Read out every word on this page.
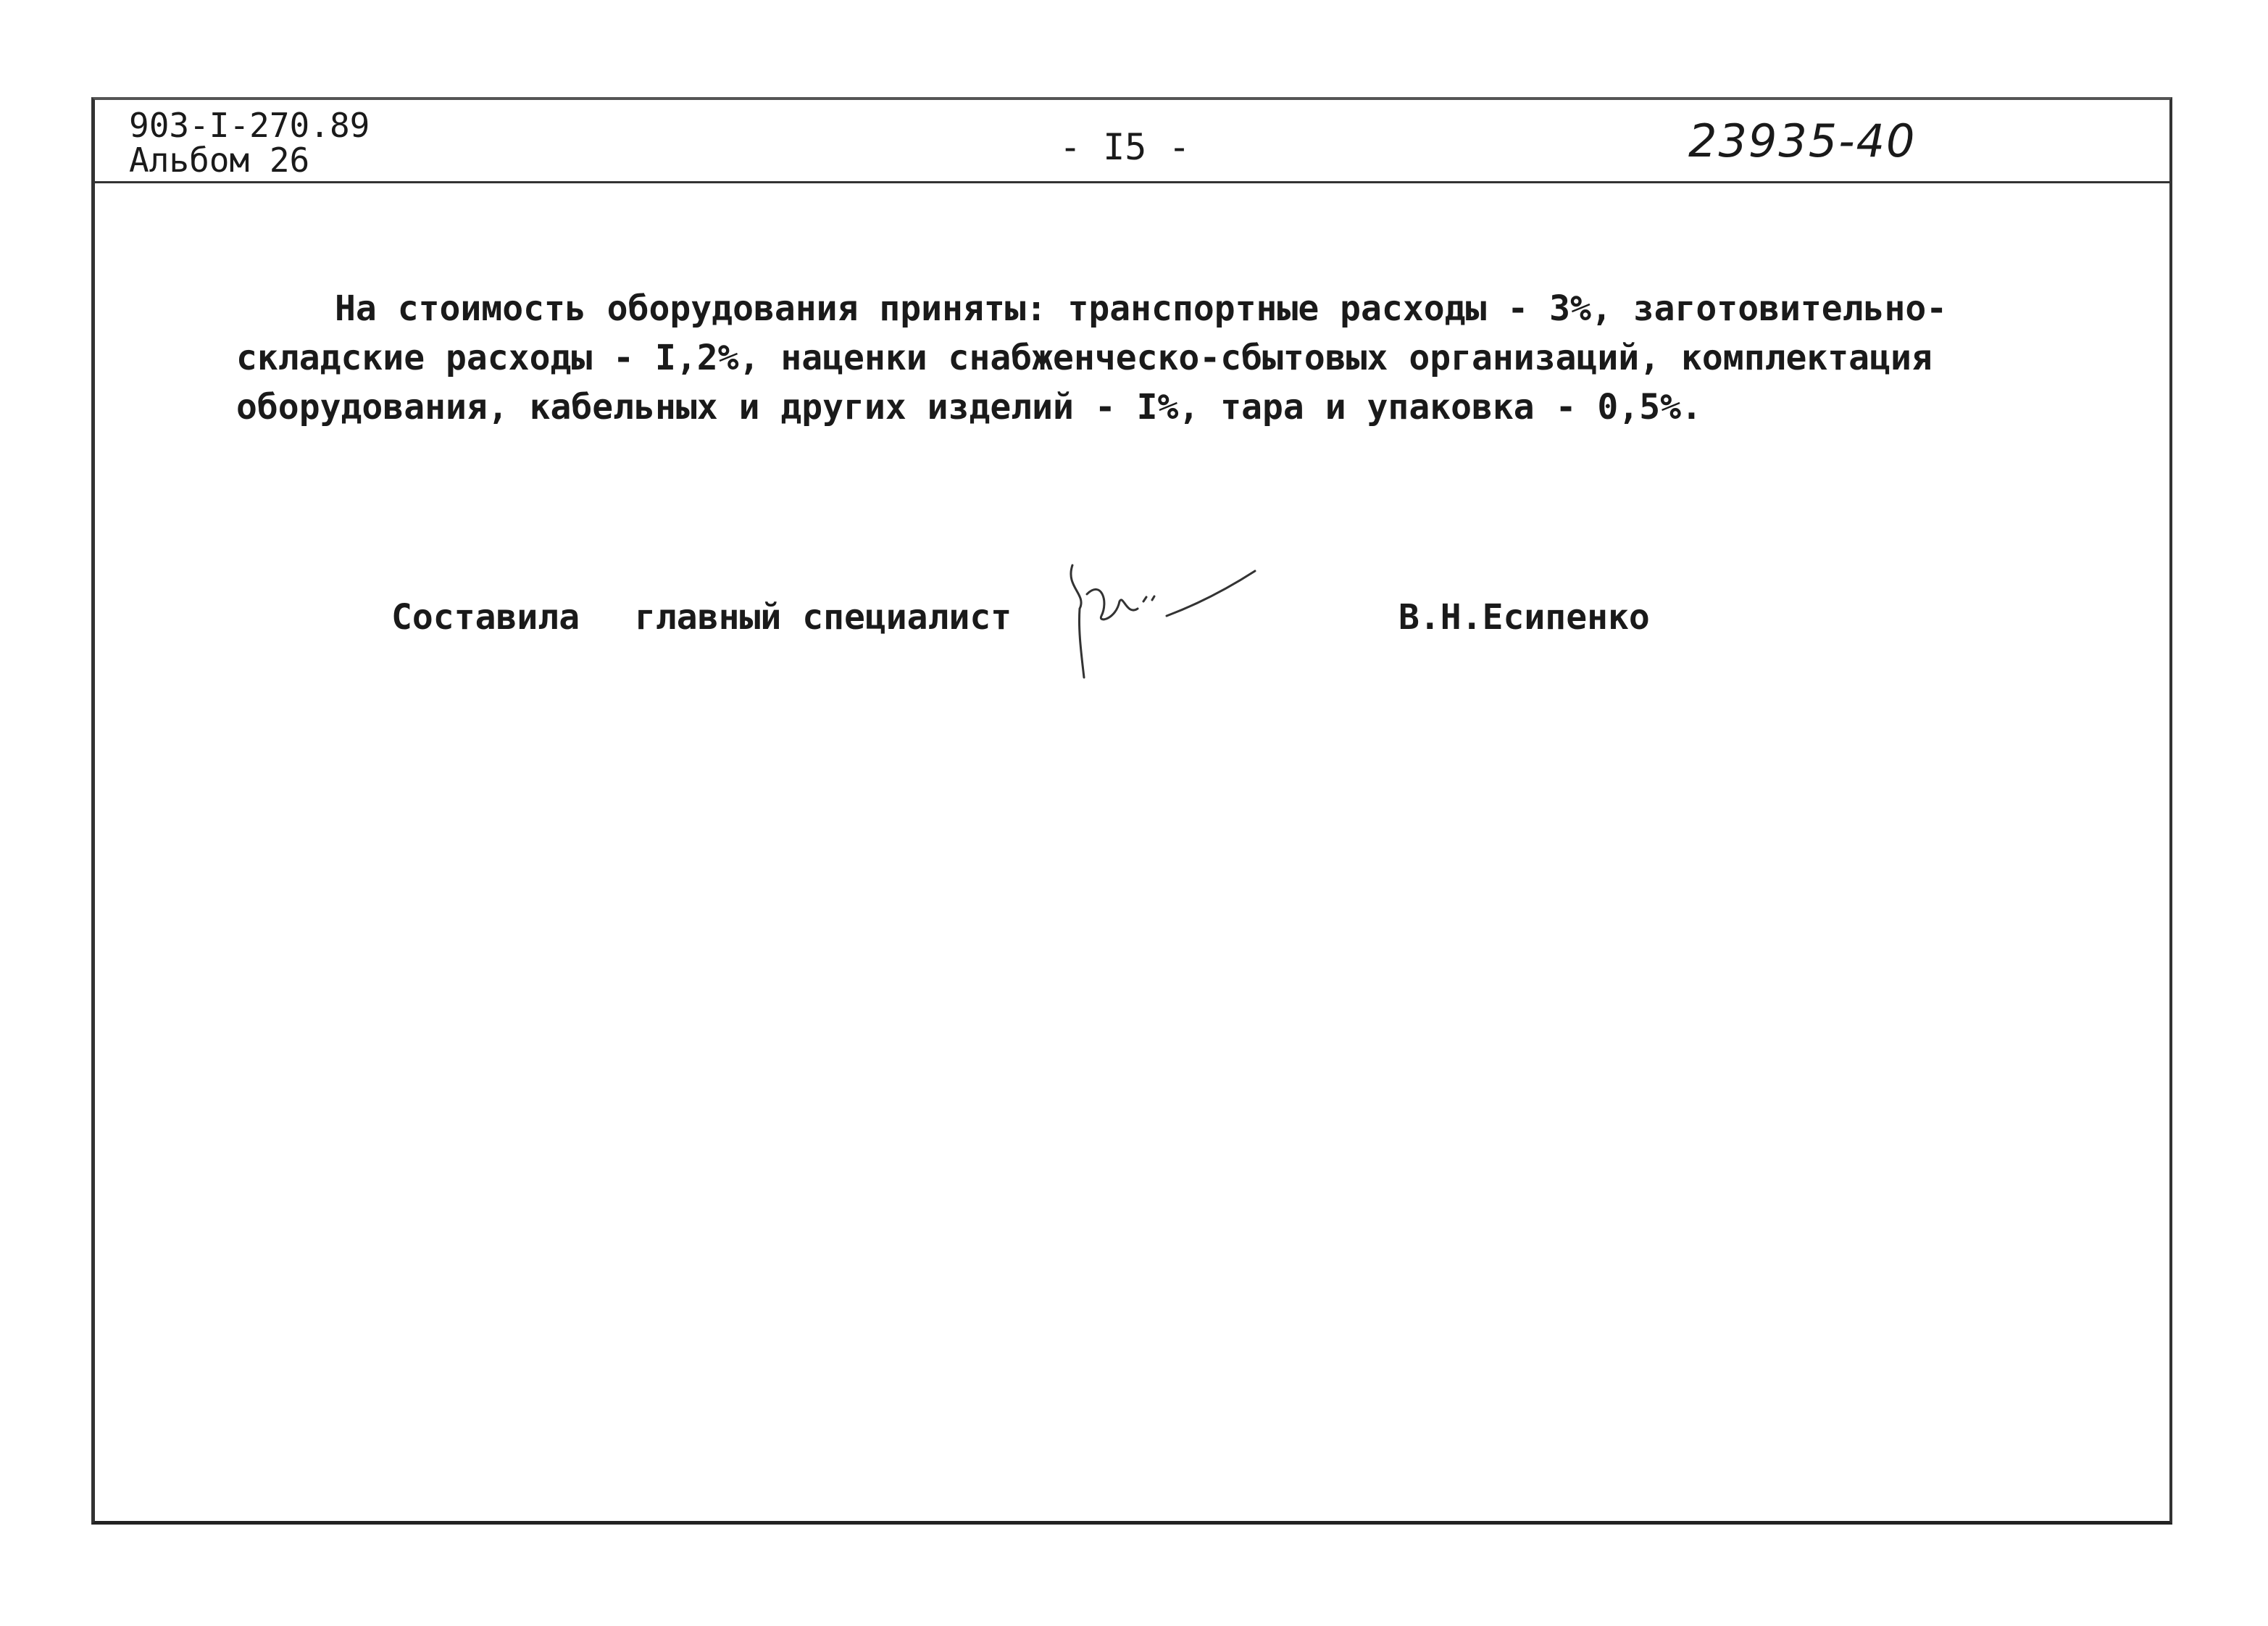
903-I-270.89
Альбом 26	- I5 -	23935-40
На стоимость оборудования приняты: транспортные расходы - 3%, заготовительно-
складские расходы - I,2%, наценки снабженческо-сбытовых организаций, комплектация
оборудования, кабельных и других изделий - I%, тара и упаковка - 0,5%.
Составила главный специалист	В.Н.Есипенко
